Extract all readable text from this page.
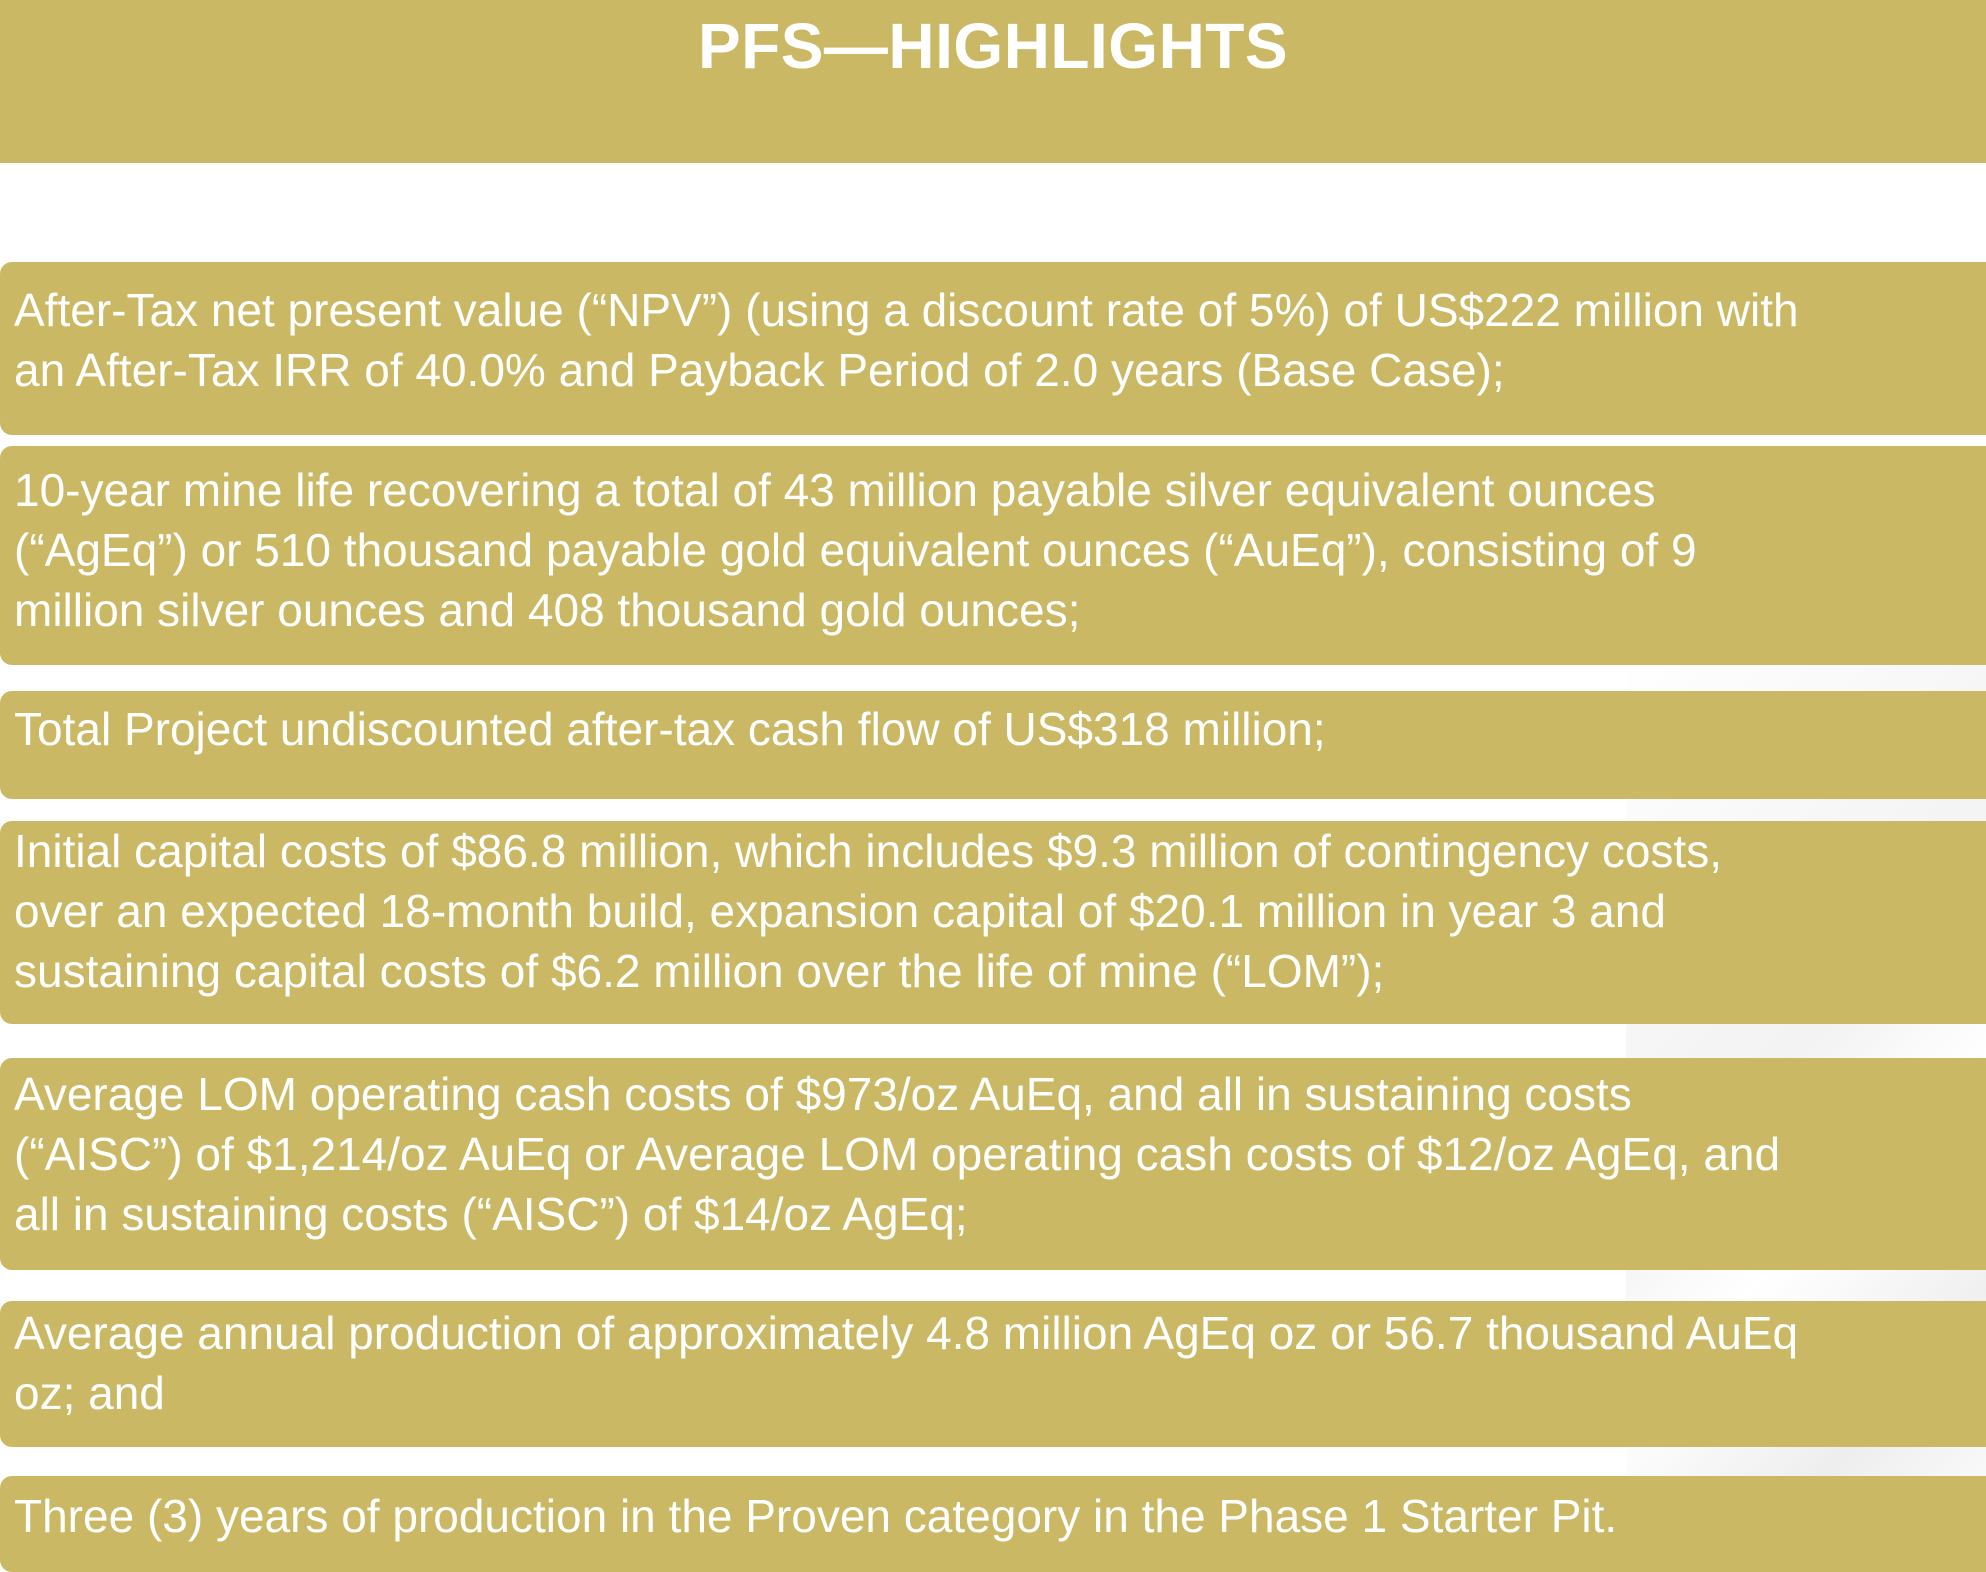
PFS—HIGHLIGHTS
After-Tax net present value (“NPV”) (using a discount rate of 5%) of US$222 million with
an After-Tax IRR of 40.0% and Payback Period of 2.0 years (Base Case);
10-year mine life recovering a total of 43 million payable silver equivalent ounces
(“AgEq”) or 510 thousand payable gold equivalent ounces (“AuEq”), consisting of 9
million silver ounces and 408 thousand gold ounces;
Total Project undiscounted after-tax cash flow of US$318 million;
Initial capital costs of $86.8 million, which includes $9.3 million of contingency costs,
over an expected 18-month build, expansion capital of $20.1 million in year 3 and
sustaining capital costs of $6.2 million over the life of mine (“LOM”);
Average LOM operating cash costs of $973/oz AuEq, and all in sustaining costs
(“AISC”) of $1,214/oz AuEq or Average LOM operating cash costs of $12/oz AgEq, and
all in sustaining costs (“AISC”) of $14/oz AgEq;
Average annual production of approximately 4.8 million AgEq oz or 56.7 thousand AuEq
oz; and
Three (3) years of production in the Proven category in the Phase 1 Starter Pit.
